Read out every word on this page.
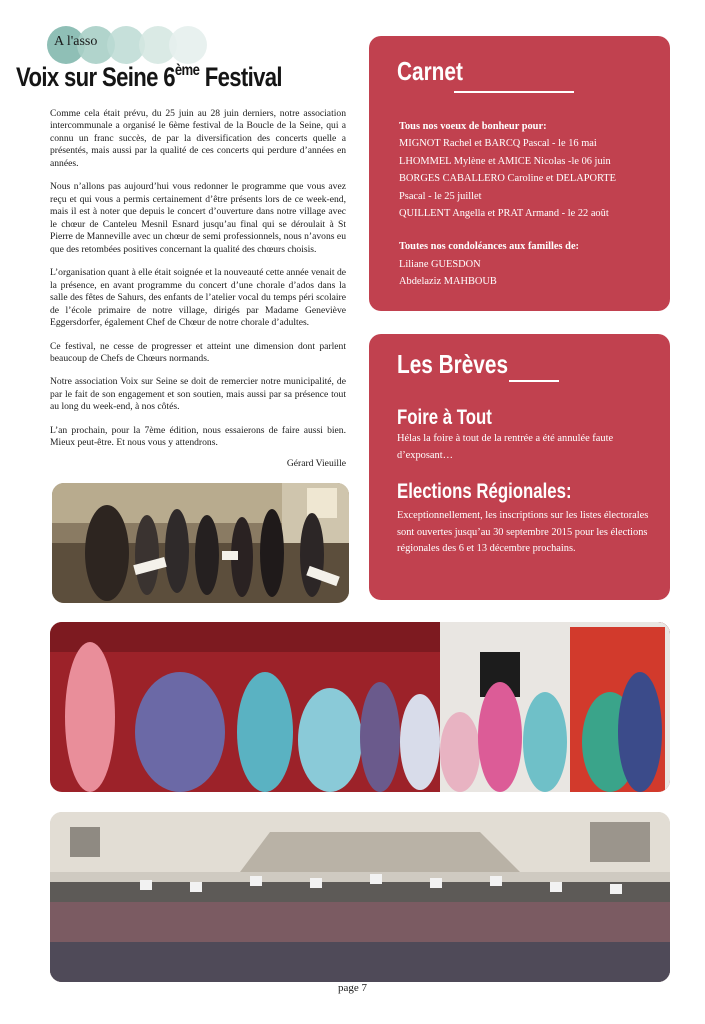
A l'asso
Voix sur Seine 6ème Festival

Comme cela était prévu, du 25 juin au 28 juin derniers, notre association intercommunale a organisé le 6ème festival de la Boucle de la Seine, qui a connu un franc succès, de par la diversification des concerts quelle a présentés, mais aussi par la qualité de ces concerts qui perdure d’années en années.

Nous n’allons pas aujourd’hui vous redonner le programme que vous avez reçu et qui vous a permis certainement d’être présents lors de ce week-end, mais il est à noter que depuis le concert d’ouverture dans notre village avec le chœur de Canteleu Mesnil Esnard jusqu’au final qui se déroulait à St Pierre de Manneville avec un chœur de semi professionnels, nous n’avons eu que des retombées positives concernant la qualité des chœurs choisis.

L’organisation quant à elle était soignée et la nouveauté cette année venait de la présence, en avant programme du concert d’une chorale d’ados dans la salle des fêtes de Sahurs, des enfants de l’atelier vocal du temps péri scolaire de l’école primaire de notre village, dirigés par Madame Geneviève Eggersdorfer, également Chef de Chœur de notre chorale d’adultes.

Ce festival, ne cesse de progresser et atteint une dimension dont parlent beaucoup de Chefs de Chœurs normands.

Notre association Voix sur Seine se doit de remercier notre municipalité, de par le fait de son engagement et son soutien, mais aussi par sa présence tout au long du week-end, à nos côtés.

L’an prochain, pour la 7ème édition, nous essaierons de faire aussi bien. Mieux peut-être. Et nous vous y attendrons.

Gérard Vieuille
Carnet
Tous nos voeux de bonheur pour:
MIGNOT Rachel et BARCQ Pascal - le 16 mai
LHOMMEL Mylène et AMICE Nicolas -le 06 juin
BORGES CABALLERO Caroline et DELAPORTE
Psacal - le 25 juillet
QUILLENT Angella et PRAT Armand - le 22 août
Toutes nos condoléances aux familles de:
Liliane GUESDON
Abdelaziz MAHBOUB
Les Brèves
Foire à Tout
Hélas la foire à tout de la rentrée a été annulée faute d’exposant…
Elections Régionales:
Exceptionnellement, les inscriptions sur les listes électorales sont ouvertes jusqu’au 30 septembre 2015 pour les élections régionales des 6 et 13 décembre prochains.
page 7
